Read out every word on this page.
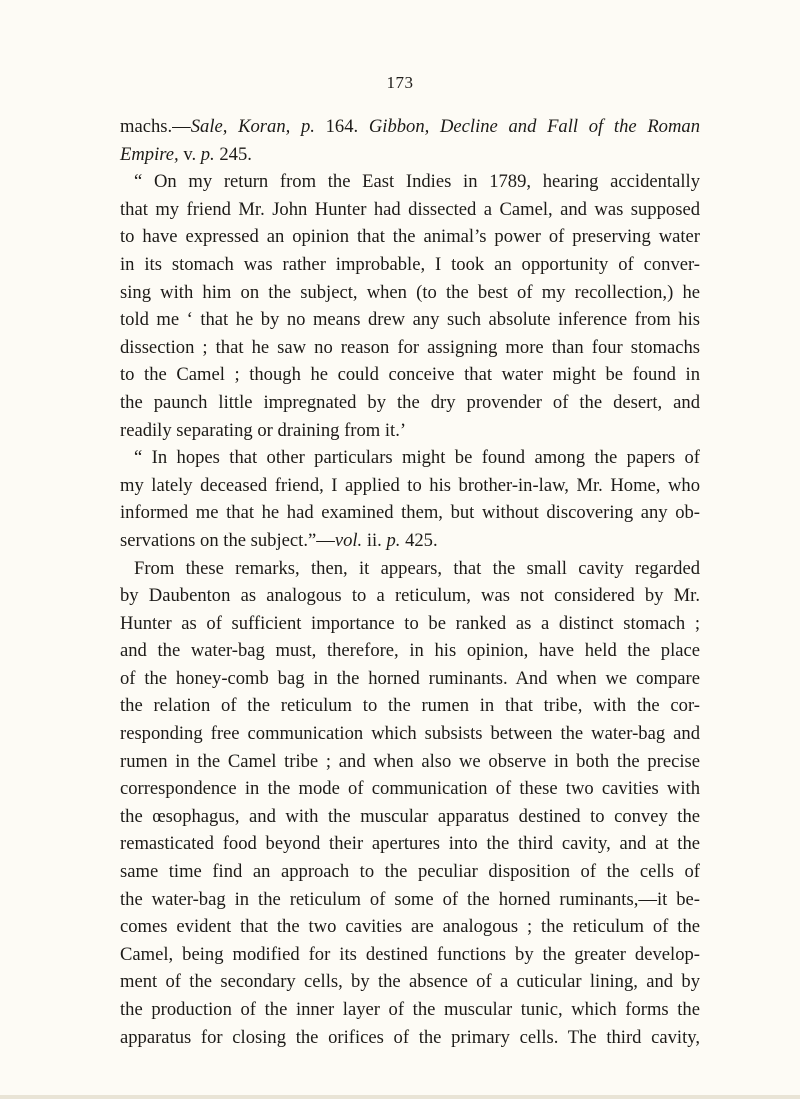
173
machs.—Sale, Koran, p. 164. Gibbon, Decline and Fall of the Roman
Empire, v. p. 245.
“ On my return from the East Indies in 1789, hearing accidentally
that my friend Mr. John Hunter had dissected a Camel, and was supposed
to have expressed an opinion that the animal’s power of preserving water
in its stomach was rather improbable, I took an opportunity of conver-
sing with him on the subject, when (to the best of my recollection,) he
told me ‘ that he by no means drew any such absolute inference from his
dissection ; that he saw no reason for assigning more than four stomachs
to the Camel ; though he could conceive that water might be found in
the paunch little impregnated by the dry provender of the desert, and
readily separating or draining from it.’
“ In hopes that other particulars might be found among the papers of
my lately deceased friend, I applied to his brother-in-law, Mr. Home, who
informed me that he had examined them, but without discovering any ob-
servations on the subject.”—vol. ii. p. 425.
From these remarks, then, it appears, that the small cavity regarded
by Daubenton as analogous to a reticulum, was not considered by Mr.
Hunter as of sufficient importance to be ranked as a distinct stomach ;
and the water-bag must, therefore, in his opinion, have held the place
of the honey-comb bag in the horned ruminants. And when we compare
the relation of the reticulum to the rumen in that tribe, with the cor-
responding free communication which subsists between the water-bag and
rumen in the Camel tribe ; and when also we observe in both the precise
correspondence in the mode of communication of these two cavities with
the œsophagus, and with the muscular apparatus destined to convey the
remasticated food beyond their apertures into the third cavity, and at the
same time find an approach to the peculiar disposition of the cells of
the water-bag in the reticulum of some of the horned ruminants,—it be-
comes evident that the two cavities are analogous ; the reticulum of the
Camel, being modified for its destined functions by the greater develop-
ment of the secondary cells, by the absence of a cuticular lining, and by
the production of the inner layer of the muscular tunic, which forms the
apparatus for closing the orifices of the primary cells. The third cavity,
